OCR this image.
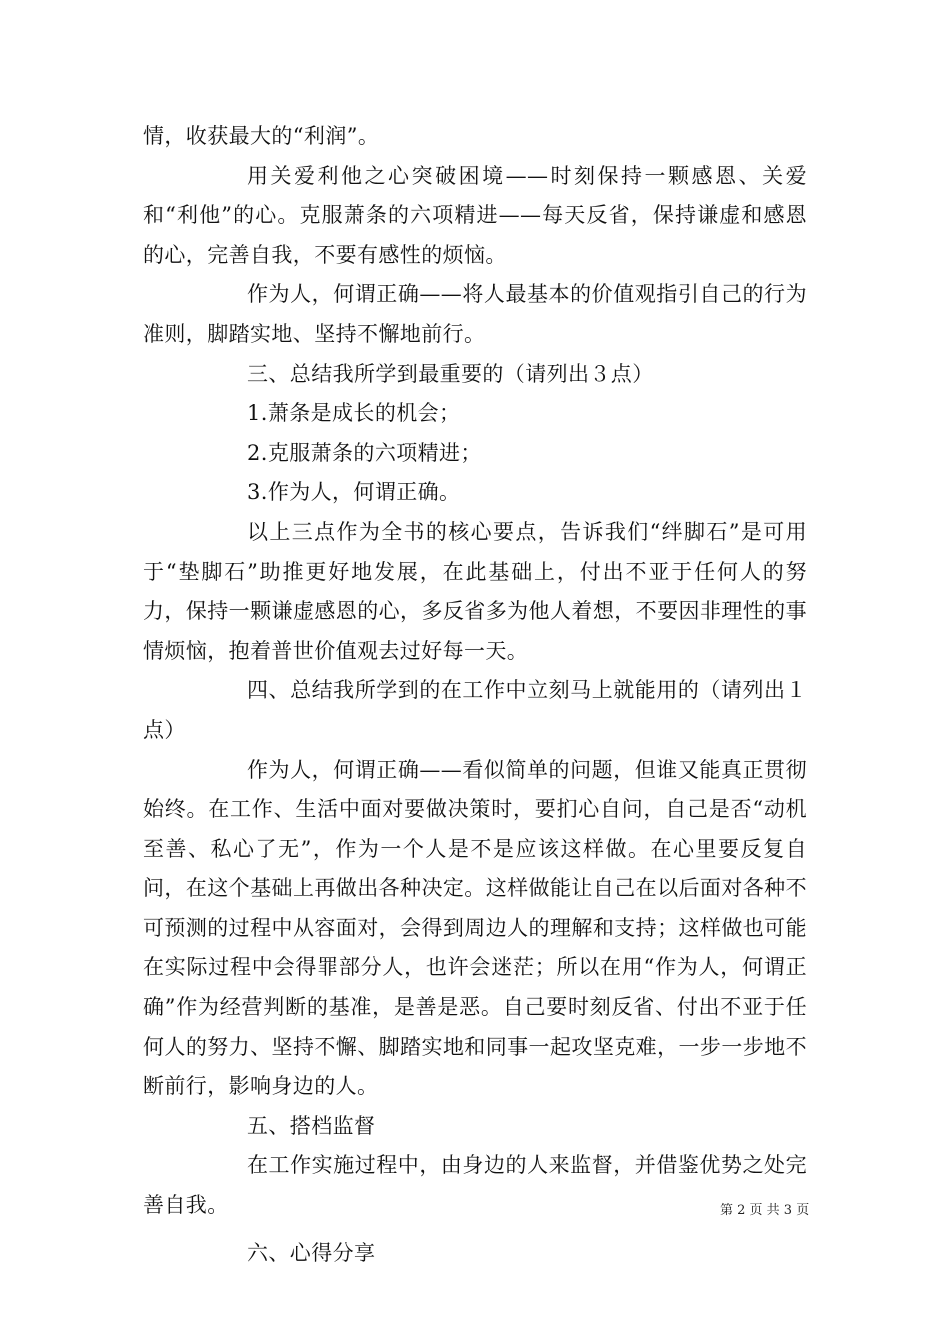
情，收获最大的“利润”。

用关爱利他之心突破困境——时刻保持一颗感恩、关爱和“利他”的心。克服萧条的六项精进——每天反省，保持谦虚和感恩的心，完善自我，不要有感性的烦恼。

作为人，何谓正确——将人最基本的价值观指引自己的行为准则，脚踏实地、坚持不懈地前行。

三、总结我所学到最重要的（请列出３点）

1.萧条是成长的机会；

2.克服萧条的六项精进；

3.作为人，何谓正确。

以上三点作为全书的核心要点，告诉我们“绊脚石”是可用于“垫脚石”助推更好地发展，在此基础上，付出不亚于任何人的努力，保持一颗谦虚感恩的心，多反省多为他人着想，不要因非理性的事情烦恼，抱着普世价值观去过好每一天。

四、总结我所学到的在工作中立刻马上就能用的（请列出１点）

作为人，何谓正确——看似简单的问题，但谁又能真正贯彻始终。在工作、生活中面对要做决策时，要扪心自问，自己是否“动机至善、私心了无”，作为一个人是不是应该这样做。在心里要反复自问，在这个基础上再做出各种决定。这样做能让自己在以后面对各种不可预测的过程中从容面对，会得到周边人的理解和支持；这样做也可能在实际过程中会得罪部分人，也许会迷茫；所以在用“作为人，何谓正确”作为经营判断的基准，是善是恶。自己要时刻反省、付出不亚于任何人的努力、坚持不懈、脚踏实地和同事一起攻坚克难，一步一步地不断前行，影响身边的人。

五、搭档监督

在工作实施过程中，由身边的人来监督，并借鉴优势之处完善自我。

六、心得分享

第 2 页 共 3 页
